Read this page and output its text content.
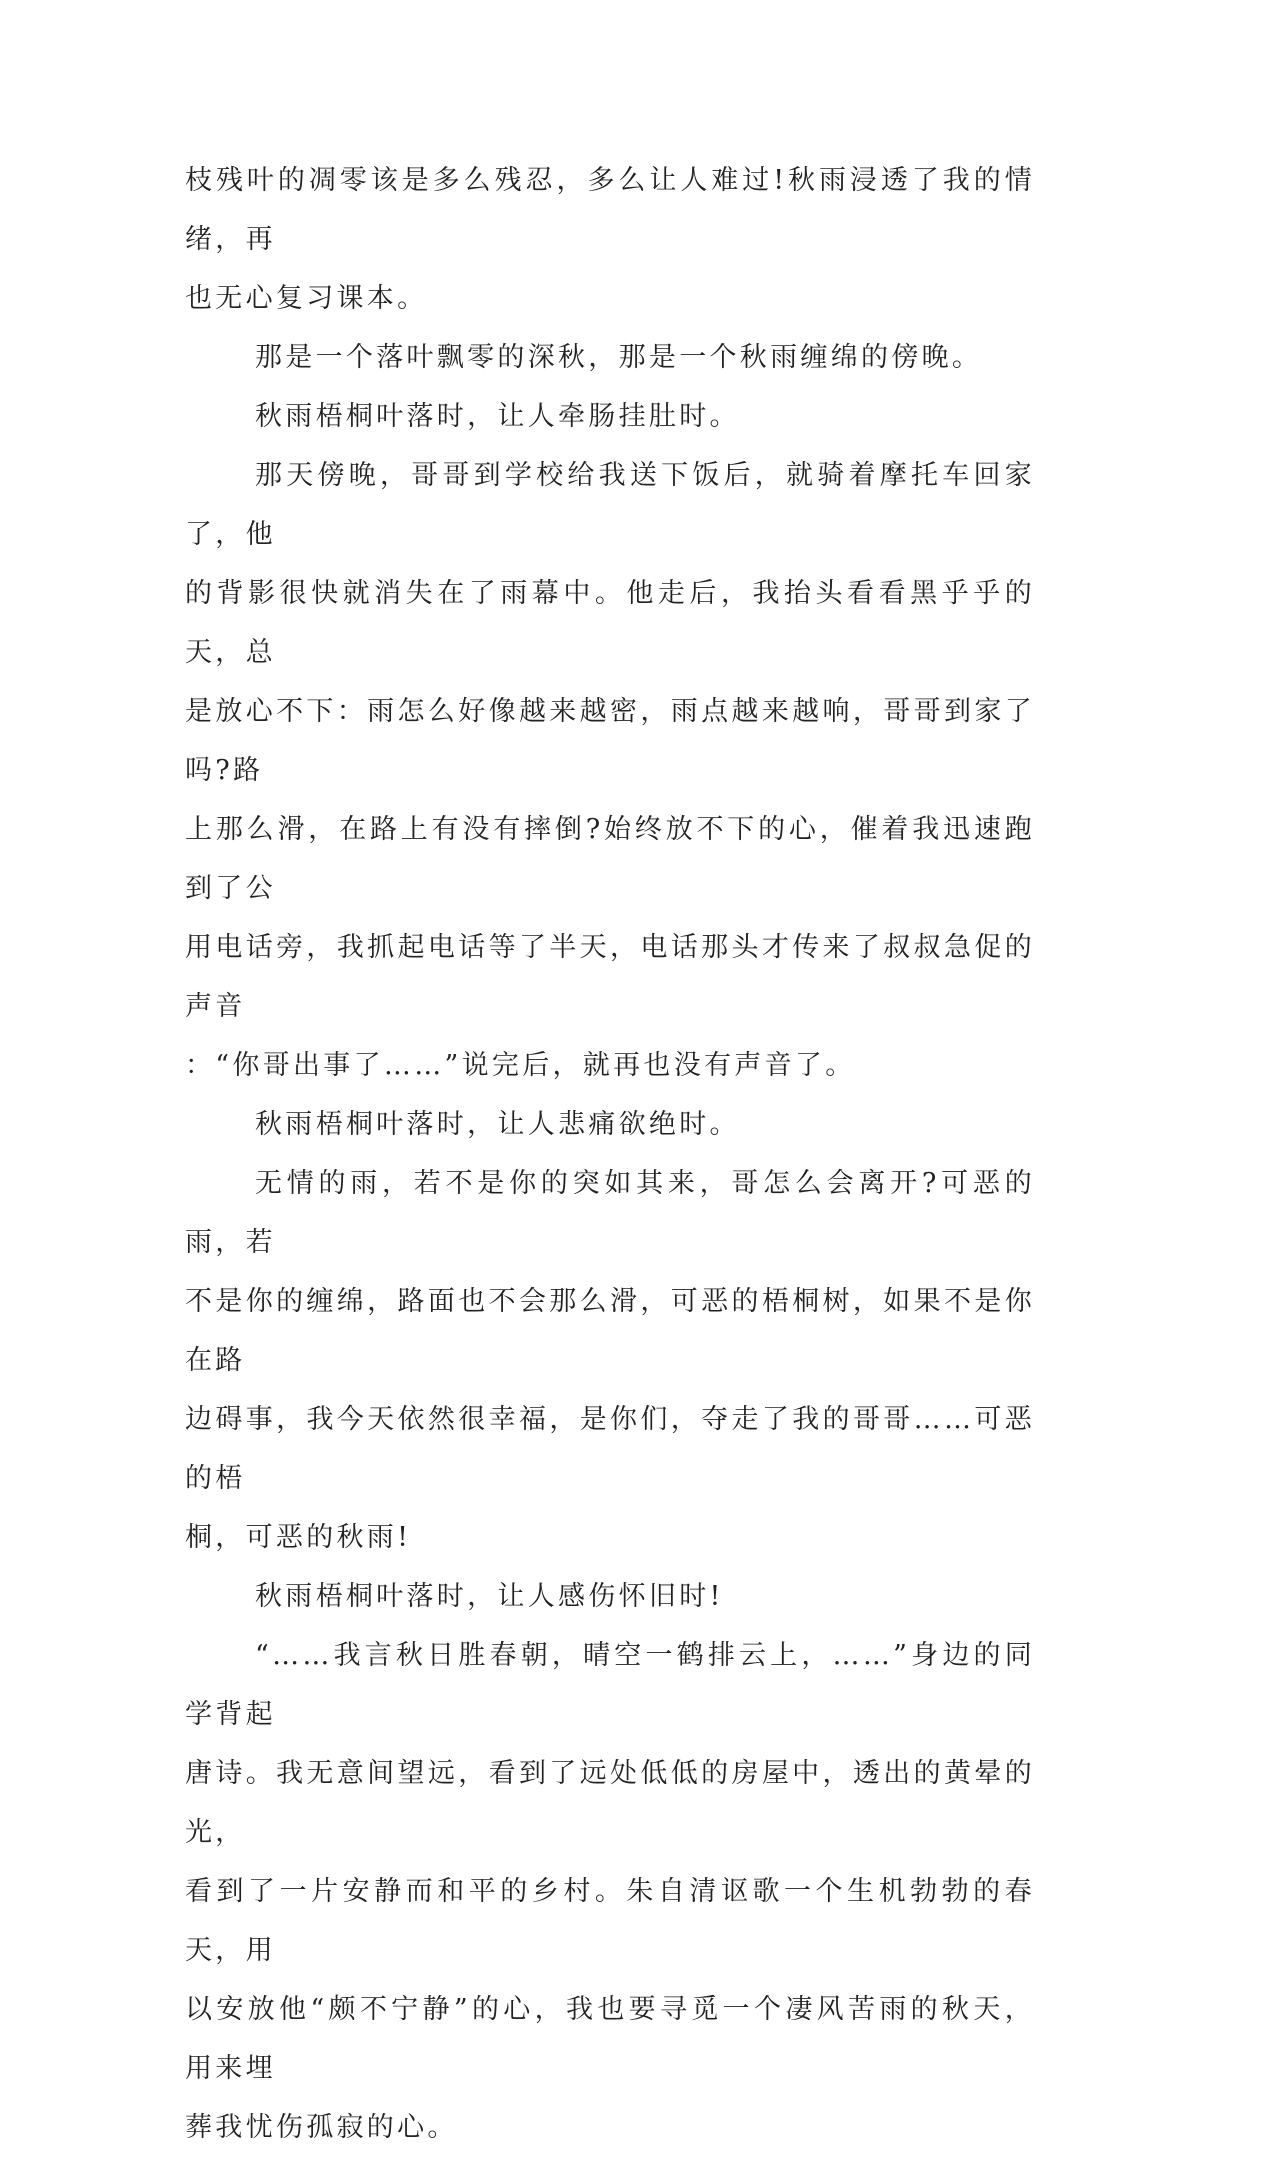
枝残叶的凋零该是多么残忍，多么让人难过!秋雨浸透了我的情绪，再
也无心复习课本。

那是一个落叶飘零的深秋，那是一个秋雨缠绵的傍晚。

秋雨梧桐叶落时，让人牵肠挂肚时。

那天傍晚，哥哥到学校给我送下饭后，就骑着摩托车回家了，他
的背影很快就消失在了雨幕中。他走后，我抬头看看黑乎乎的天，总
是放心不下：雨怎么好像越来越密，雨点越来越响，哥哥到家了吗?路
上那么滑，在路上有没有摔倒?始终放不下的心，催着我迅速跑到了公
用电话旁，我抓起电话等了半天，电话那头才传来了叔叔急促的声音
：“你哥出事了……”说完后，就再也没有声音了。

秋雨梧桐叶落时，让人悲痛欲绝时。

无情的雨，若不是你的突如其来，哥怎么会离开?可恶的雨，若
不是你的缠绵，路面也不会那么滑，可恶的梧桐树，如果不是你在路
边碍事，我今天依然很幸福，是你们，夺走了我的哥哥……可恶的梧
桐，可恶的秋雨!

秋雨梧桐叶落时，让人感伤怀旧时!

“……我言秋日胜春朝，晴空一鹤排云上，……”身边的同学背起
唐诗。我无意间望远，看到了远处低低的房屋中，透出的黄晕的光，
看到了一片安静而和平的乡村。朱自清讴歌一个生机勃勃的春天，用
以安放他“颇不宁静”的心，我也要寻觅一个凄风苦雨的秋天，用来埋
葬我忧伤孤寂的心。
